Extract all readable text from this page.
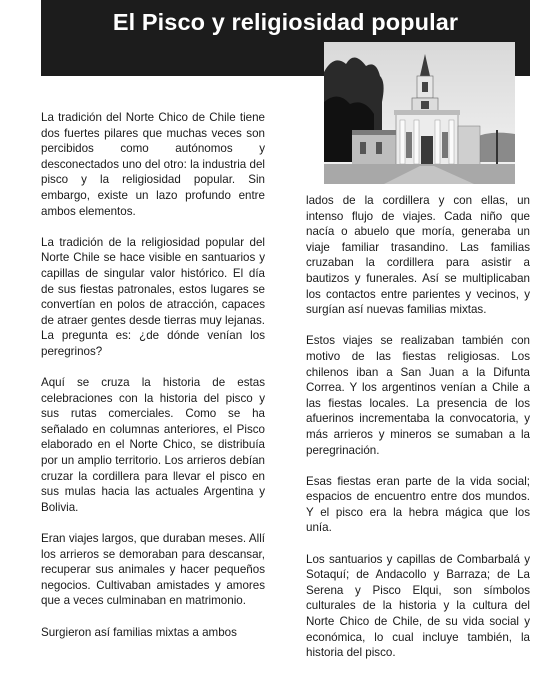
El Pisco y religiosidad popular

La tradición del Norte Chico de Chile tiene dos fuertes pilares que muchas veces son percibidos como autónomos y desconectados uno del otro: la industria del pisco y la religiosidad popular. Sin embargo, existe un lazo profundo entre ambos elementos.

La tradición de la religiosidad popular del Norte Chile se hace visible en santuarios y capillas de singular valor histórico. El día de sus fiestas patronales, estos lugares se convertían en polos de atracción, capaces de atraer gentes desde tierras muy lejanas. La pregunta es: ¿de dónde venían los peregrinos?

Aquí se cruza la historia de estas celebraciones con la historia del pisco y sus rutas comerciales. Como se ha señalado en columnas anteriores, el Pisco elaborado en el Norte Chico, se distribuía por un amplio territorio. Los arrieros debían cruzar la cordillera para llevar el pisco en sus mulas hacia las actuales Argentina y Bolivia.

Eran viajes largos, que duraban meses. Allí los arrieros se demoraban para descansar, recuperar sus animales y hacer pequeños negocios. Cultivaban amistades y amores que a veces culminaban en matrimonio.

Surgieron así familias mixtas a ambos

lados de la cordillera y con ellas, un intenso flujo de viajes. Cada niño que nacía o abuelo que moría, generaba un viaje familiar trasandino. Las familias cruzaban la cordillera para asistir a bautizos y funerales. Así se multiplicaban los contactos entre parientes y vecinos, y surgían así nuevas familias mixtas.

Estos viajes se realizaban también con motivo de las fiestas religiosas. Los chilenos iban a San Juan a la Difunta Correa. Y los argentinos venían a Chile a las fiestas locales. La presencia de los afuerinos incrementaba la convocatoria, y más arrieros y mineros se sumaban a la peregrinación.

Esas fiestas eran parte de la vida social; espacios de encuentro entre dos mundos. Y el pisco era la hebra mágica que los unía.

Los santuarios y capillas de Combarbalá y Sotaquí; de Andacollo y Barraza; de La Serena y Pisco Elqui, son símbolos culturales de la historia y la cultura del Norte Chico de Chile, de su vida social y económica, lo cual incluye también, la historia del pisco.
